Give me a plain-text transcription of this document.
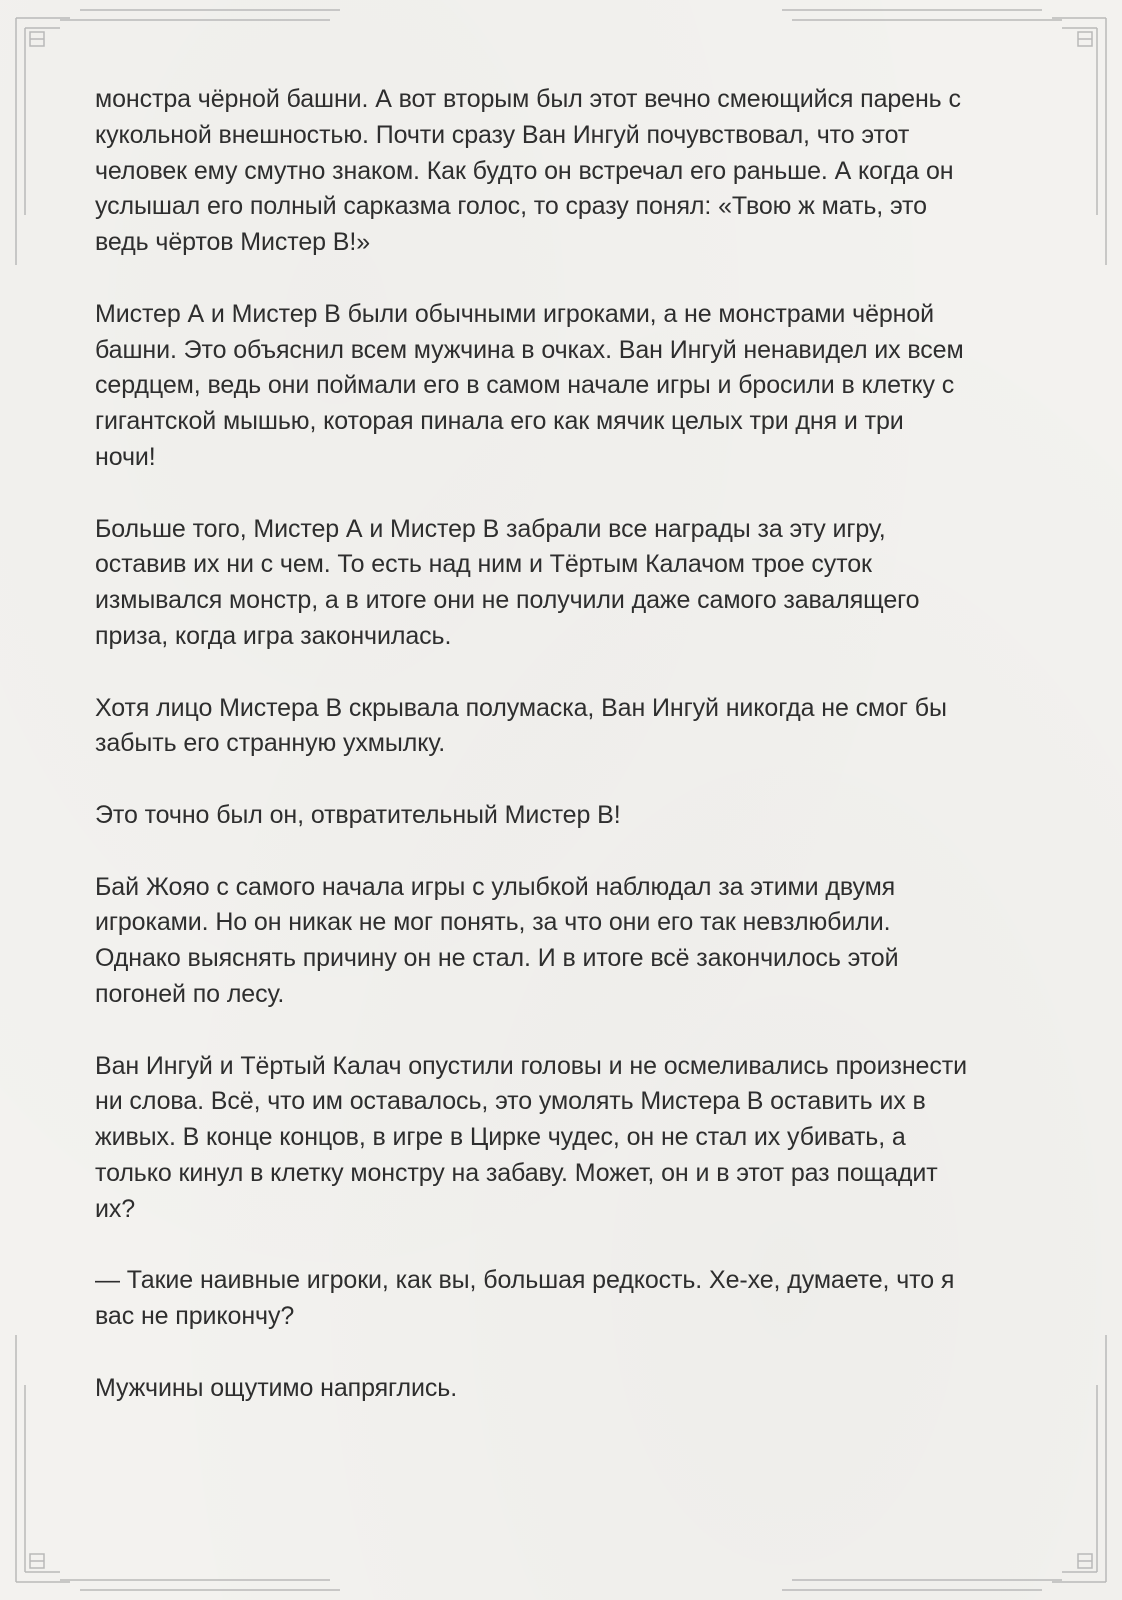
монстра чёрной башни. А вот вторым был этот вечно смеющийся парень с
кукольной внешностью. Почти сразу Ван Ингуй почувствовал, что этот
человек ему смутно знаком. Как будто он встречал его раньше. А когда он
услышал его полный сарказма голос, то сразу понял: «Твою ж мать, это
ведь чёртов Мистер В!»

Мистер А и Мистер В были обычными игроками, а не монстрами чёрной
башни. Это объяснил всем мужчина в очках. Ван Ингуй ненавидел их всем
сердцем, ведь они поймали его в самом начале игры и бросили в клетку с
гигантской мышью, которая пинала его как мячик целых три дня и три
ночи!

Больше того, Мистер А и Мистер В забрали все награды за эту игру,
оставив их ни с чем. То есть над ним и Тёртым Калачом трое суток
измывался монстр, а в итоге они не получили даже самого завалящего
приза, когда игра закончилась.

Хотя лицо Мистера В скрывала полумаска, Ван Ингуй никогда не смог бы
забыть его странную ухмылку.

Это точно был он, отвратительный Мистер В!

Бай Жояо с самого начала игры с улыбкой наблюдал за этими двумя
игроками. Но он никак не мог понять, за что они его так невзлюбили.
Однако выяснять причину он не стал. И в итоге всё закончилось этой
погоней по лесу.

Ван Ингуй и Тёртый Калач опустили головы и не осмеливались произнести
ни слова. Всё, что им оставалось, это умолять Мистера В оставить их в
живых. В конце концов, в игре в Цирке чудес, он не стал их убивать, а
только кинул в клетку монстру на забаву. Может, он и в этот раз пощадит
их?

— Такие наивные игроки, как вы, большая редкость. Хе-хе, думаете, что я
вас не прикончу?

Мужчины ощутимо напряглись.
